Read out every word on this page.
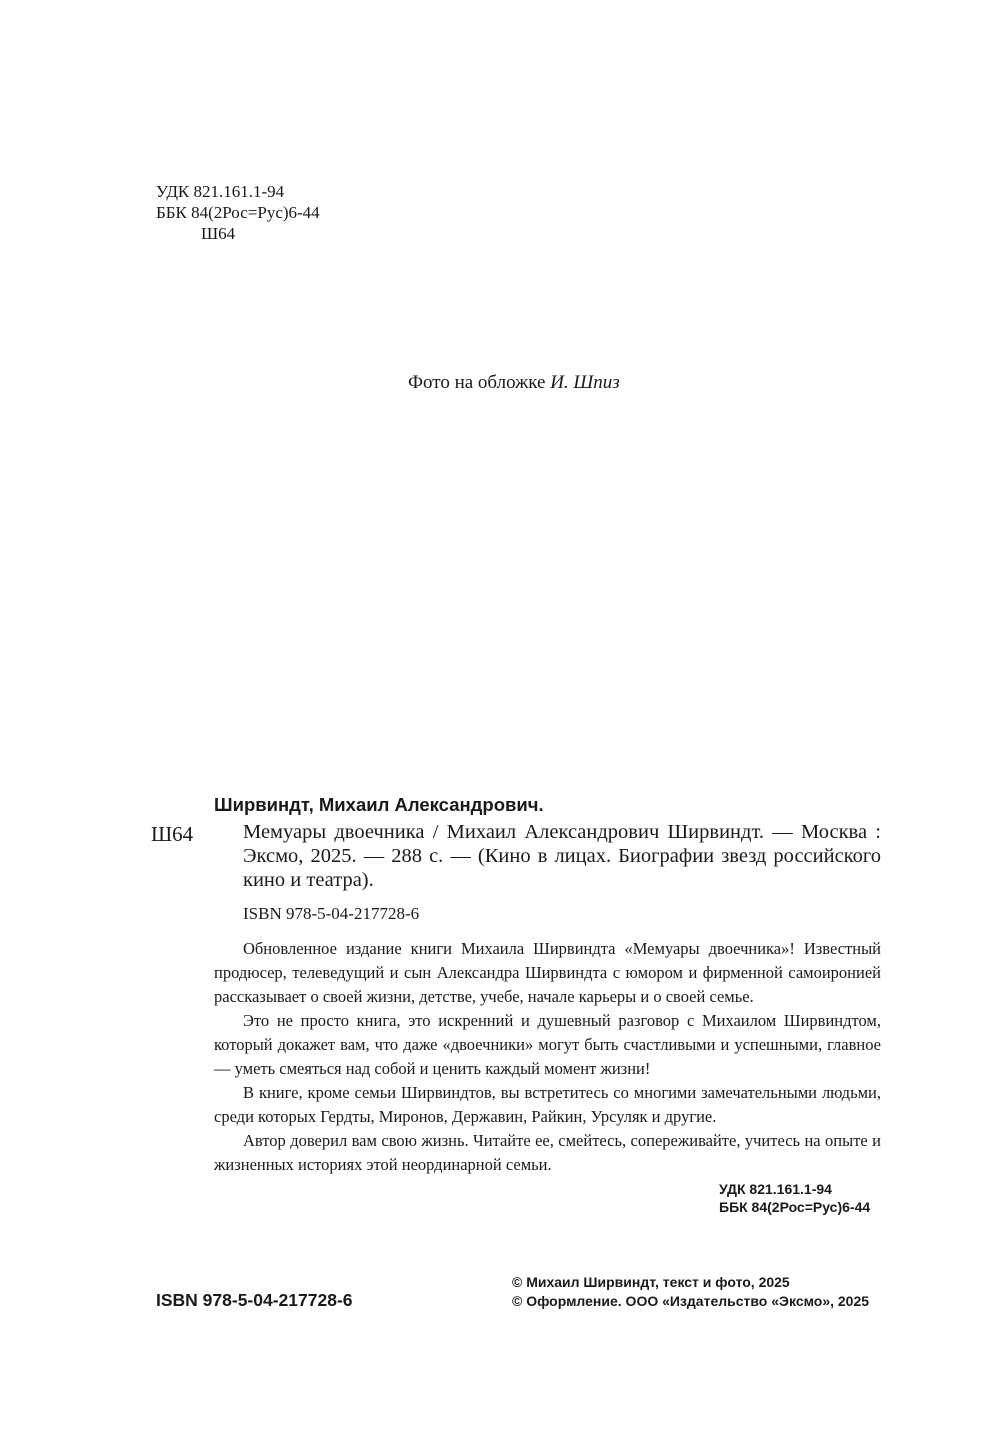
УДК 821.161.1-94
ББК 84(2Рос=Рус)6-44
Ш64
Фото на обложке И. Шпиз
Ш64
Ширвиндт, Михаил Александрович.
Мемуары двоечника / Михаил Александрович Ширвиндт. — Москва : Эксмо, 2025. — 288 с. — (Кино в лицах. Биографии звезд российского кино и театра).
ISBN 978-5-04-217728-6

Обновленное издание книги Михаила Ширвиндта «Мемуары двоечника»! Известный продюсер, телеведущий и сын Александра Ширвиндта с юмором и фирменной самоиронией рассказывает о своей жизни, детстве, учебе, начале карьеры и о своей семье.

Это не просто книга, это искренний и душевный разговор с Михаилом Ширвиндтом, который докажет вам, что даже «двоечники» могут быть счастливыми и успешными, главное — уметь смеяться над собой и ценить каждый момент жизни!

В книге, кроме семьи Ширвиндтов, вы встретитесь со многими замечательными людьми, среди которых Гердты, Миронов, Державин, Райкин, Урсуляк и другие.

Автор доверил вам свою жизнь. Читайте ее, смейтесь, сопереживайте, учитесь на опыте и жизненных историях этой неординарной семьи.

УДК 821.161.1-94
ББК 84(2Рос=Рус)6-44
ISBN 978-5-04-217728-6
© Михаил Ширвиндт, текст и фото, 2025
© Оформление. ООО «Издательство «Эксмо», 2025
